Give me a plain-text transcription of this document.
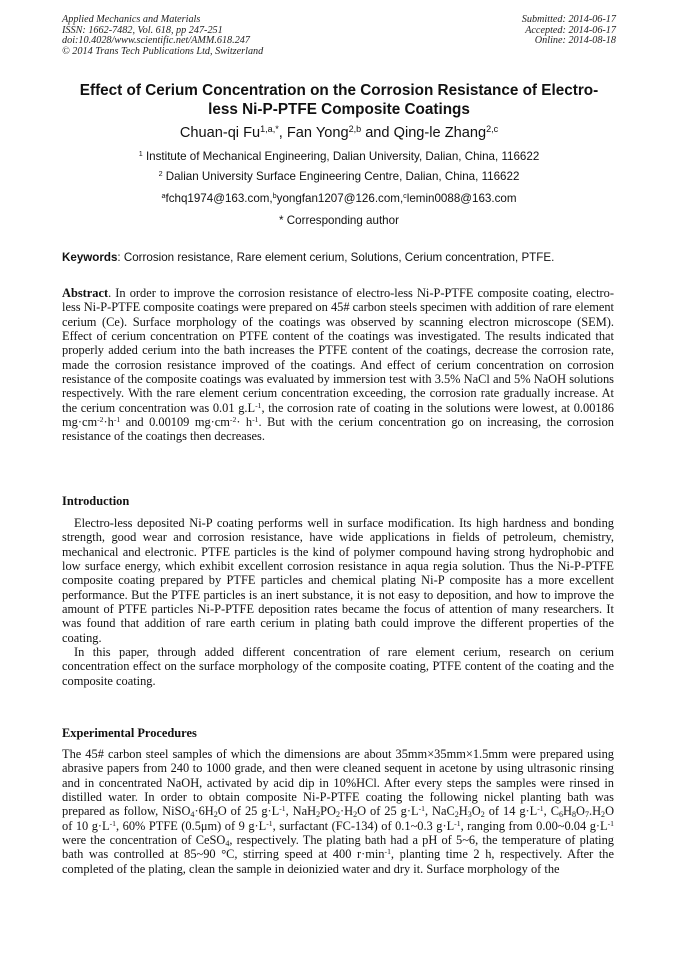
Applied Mechanics and Materials
ISSN: 1662-7482, Vol. 618, pp 247-251
doi:10.4028/www.scientific.net/AMM.618.247
© 2014 Trans Tech Publications Ltd, Switzerland
Submitted: 2014-06-17
Accepted: 2014-06-17
Online: 2014-08-18
Effect of Cerium Concentration on the Corrosion Resistance of Electro-
less Ni-P-PTFE Composite Coatings
Chuan-qi $Fu^{1,a,*}$, Fan Yong$^{2,b}$ and Qing-le Zhang$^{2,c}$
$^1$ Institute of Mechanical Engineering, Dalian University, Dalian, China, 116622
$^2$ Dalian University Surface Engineering Centre, Dalian, China, 116622
$^a$fchq1974@163.com,$^b$yongfan1207@126.com,$^c$lemin0088@163.com
* Corresponding author
Keywords: Corrosion resistance, Rare element cerium, Solutions, Cerium concentration, PTFE.
Abstract. In order to improve the corrosion resistance of electro-less Ni-P-PTFE composite coating, electro-less Ni-P-PTFE composite coatings were prepared on 45# carbon steels specimen with addition of rare element cerium (Ce). Surface morphology of the coatings was observed by scanning electron microscope (SEM). Effect of cerium concentration on PTFE content of the coatings was investigated. The results indicated that properly added cerium into the bath increases the PTFE content of the coatings, decrease the corrosion rate, made the corrosion resistance improved of the coatings. And effect of cerium concentration on corrosion resistance of the composite coatings was evaluated by immersion test with 3.5% NaCl and 5% NaOH solutions respectively. With the rare element cerium concentration exceeding, the corrosion rate gradually increase. At the cerium concentration was 0.01 $g.L^{-1}$, the corrosion rate of coating in the solutions were lowest, at 0.00186 $mg\cdot cm^{-2}\cdot h^{-1}$ and 0.00109 $mg\cdot cm^{-2}\cdot h^{-1}$. But with the cerium concentration go on increasing, the corrosion resistance of the coatings then decreases.
Introduction

Electro-less deposited Ni-P coating performs well in surface modification. Its high hardness and bonding strength, good wear and corrosion resistance, have wide applications in fields of petroleum, chemistry, mechanical and electronic. PTFE particles is the kind of polymer compound having strong hydrophobic and low surface energy, which exhibit excellent corrosion resistance in aqua regia solution. Thus the Ni-P-PTFE composite coating prepared by PTFE particles and chemical plating Ni-P composite has a more excellent performance. But the PTFE particles is an inert substance, it is not easy to deposition, and how to improve the amount of PTFE particles Ni-P-PTFE deposition rates became the focus of attention of many researchers. It was found that addition of rare earth cerium in plating bath could improve the different properties of the coating.

In this paper, through added different concentration of rare element cerium, research on cerium concentration effect on the surface morphology of the composite coating, PTFE content of the coating and the composite coating.

Experimental Procedures
The 45# carbon steel samples of which the dimensions are about 35mm×35mm×1.5mm were prepared using abrasive papers from 240 to 1000 grade, and then were cleaned sequent in acetone by using ultrasonic rinsing and in concentrated NaOH, activated by acid dip in 10%HCl. After every steps the samples were rinsed in distilled water. In order to obtain composite Ni-P-PTFE coating the following nickel planting bath was prepared as follow, $NiSO_4\cdot 6H_2O$ of 25 $g\cdot L^{-1}$, $NaH_2PO_2\cdot H_2O$ of 25 $g\cdot L^{-1}$, $NaC_2H_3O_2$ of 14 $g\cdot L^{-1}$, $C_6H_8O_7.H_2O$ of 10 $g\cdot L^{-1}$, 60% PTFE (0.5μm) of 9 $g\cdot L^{-1}$, surfactant (FC-134) of 0.1~0.3 $g\cdot L^{-1}$, ranging from 0.00~0.04 $g\cdot L^{-1}$ were the concentration of CeSO$_4$, respectively. The plating bath had a pH of 5~6, the temperature of plating bath was controlled at 85~90 °C, stirring speed at 400 $r\cdot\min^{-1}$, planting time 2 h, respectively. After the completed of the plating, clean the sample in deionizied water and dry it. Surface morphology of the
